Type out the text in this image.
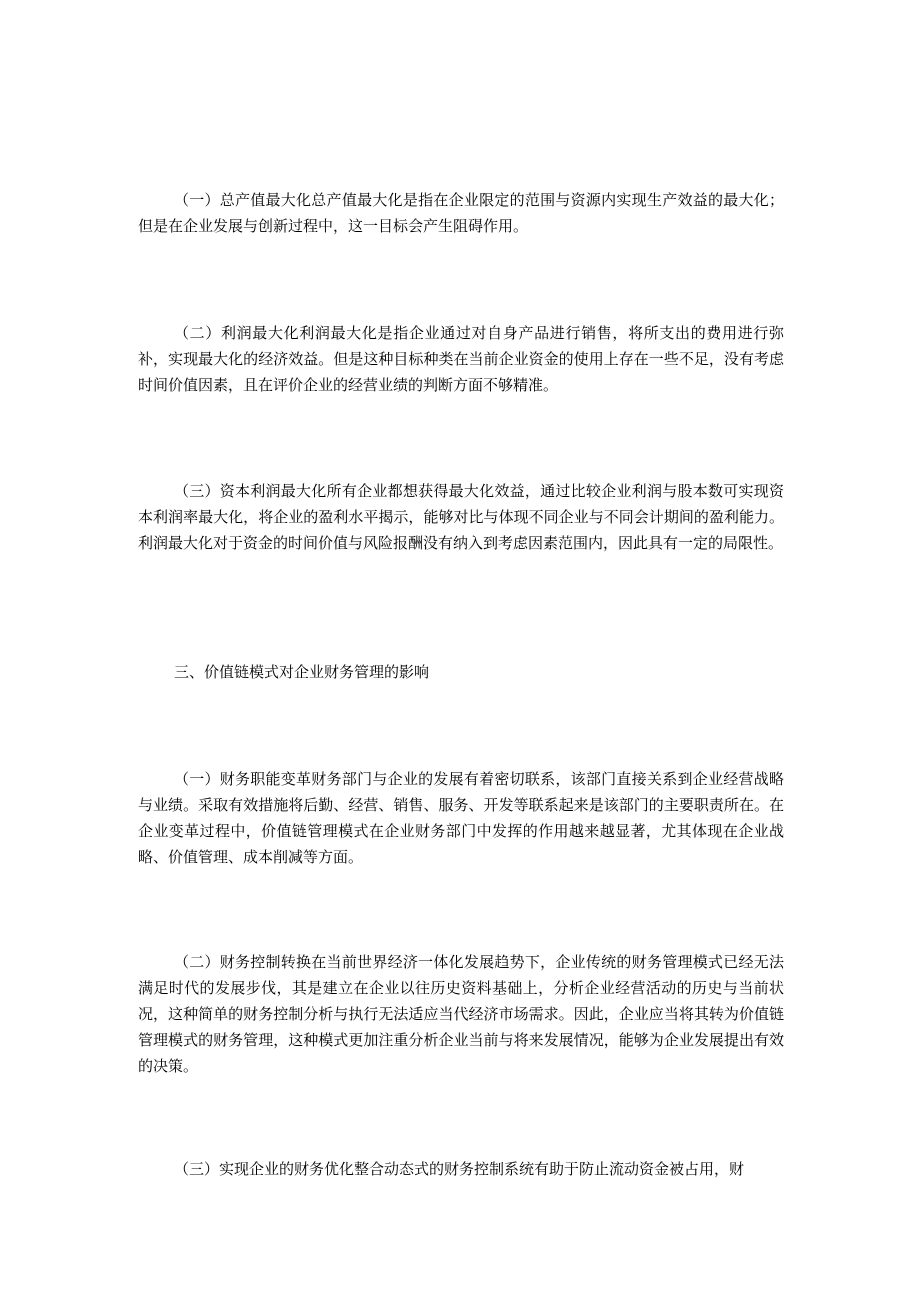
（一）总产值最大化总产值最大化是指在企业限定的范围与资源内实现生产效益的最大化；但是在企业发展与创新过程中，这一目标会产生阻碍作用。

（二）利润最大化利润最大化是指企业通过对自身产品进行销售，将所支出的费用进行弥补，实现最大化的经济效益。但是这种目标种类在当前企业资金的使用上存在一些不足，没有考虑时间价值因素，且在评价企业的经营业绩的判断方面不够精准。

（三）资本利润最大化所有企业都想获得最大化效益，通过比较企业利润与股本数可实现资本利润率最大化，将企业的盈利水平揭示，能够对比与体现不同企业与不同会计期间的盈利能力。利润最大化对于资金的时间价值与风险报酬没有纳入到考虑因素范围内，因此具有一定的局限性。

三、价值链模式对企业财务管理的影响

（一）财务职能变革财务部门与企业的发展有着密切联系，该部门直接关系到企业经营战略与业绩。采取有效措施将后勤、经营、销售、服务、开发等联系起来是该部门的主要职责所在。在企业变革过程中，价值链管理模式在企业财务部门中发挥的作用越来越显著，尤其体现在企业战略、价值管理、成本削减等方面。

（二）财务控制转换在当前世界经济一体化发展趋势下，企业传统的财务管理模式已经无法满足时代的发展步伐，其是建立在企业以往历史资料基础上，分析企业经营活动的历史与当前状况，这种简单的财务控制分析与执行无法适应当代经济市场需求。因此，企业应当将其转为价值链管理模式的财务管理，这种模式更加注重分析企业当前与将来发展情况，能够为企业发展提出有效的决策。

（三）实现企业的财务优化整合动态式的财务控制系统有助于防止流动资金被占用，财
